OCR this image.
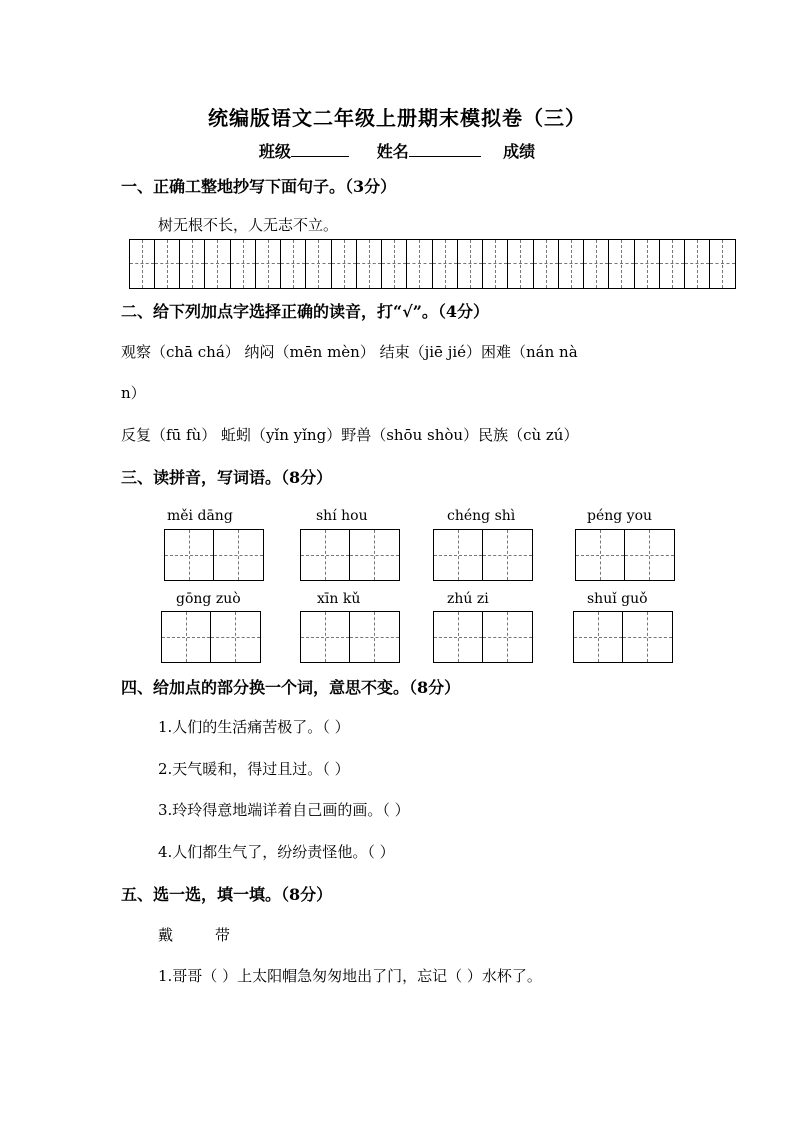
统编版语文二年级上册期末模拟卷（三）
班级	姓名	成绩
一、正确工整地抄写下面句子。（3分）
树无根不长，人无志不立。
二、给下列加点字选择正确的读音，打“√”。（4分）
观察（chā chá） 纳闷（mēn mèn） 结束（jiē jié）困难（nán nà
n）
反复（fū fù） 蚯蚓（yǐn yǐng）野兽（shōu shòu）民族（cù zú）
三、读拼音，写词语。（8分）
měi dāng	shí hou	chéng shì	péng you
gōng zuò	xīn kǔ	zhú zi	shuǐ guǒ
四、给加点的部分换一个词，意思不变。（8分）
1.人们的生活痛苦极了。（ ）
2.天气暖和，得过且过。（ ）
3.玲玲得意地端详着自己画的画。（ ）
4.人们都生气了，纷纷责怪他。（ ）
五、选一选，填一填。（8分）
戴	带
1.哥哥（ ）上太阳帽急匆匆地出了门，忘记（ ）水杯了。
